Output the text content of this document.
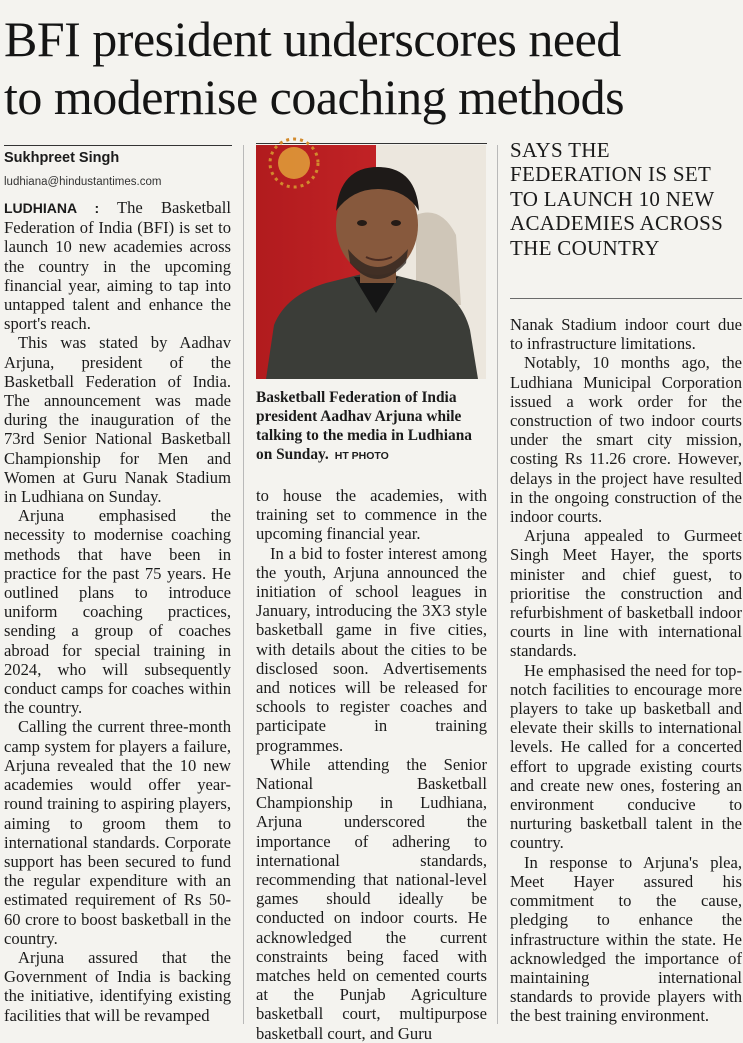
BFI president underscores need
to modernise coaching methods
Sukhpreet Singh
ludhiana@hindustantimes.com

LUDHIANA : The Basketball Federation of India (BFI) is set to launch 10 new academies across the country in the upcoming financial year, aiming to tap into untapped talent and enhance the sport's reach.

This was stated by Aadhav Arjuna, president of the Basketball Federation of India. The announcement was made during the inauguration of the 73rd Senior National Basketball Championship for Men and Women at Guru Nanak Stadium in Ludhiana on Sunday.

Arjuna emphasised the necessity to modernise coaching methods that have been in practice for the past 75 years. He outlined plans to introduce uniform coaching practices, sending a group of coaches abroad for special training in 2024, who will subsequently conduct camps for coaches within the country.

Calling the current three-month camp system for players a failure, Arjuna revealed that the 10 new academies would offer year-round training to aspiring players, aiming to groom them to international standards. Corporate support has been secured to fund the regular expenditure with an estimated requirement of Rs 50-60 crore to boost basketball in the country.

Arjuna assured that the Government of India is backing the initiative, identifying existing facilities that will be revamped

Basketball Federation of India president Aadhav Arjuna while talking to the media in Ludhiana on Sunday. HT PHOTO

to house the academies, with training set to commence in the upcoming financial year.

In a bid to foster interest among the youth, Arjuna announced the initiation of school leagues in January, introducing the 3X3 style basketball game in five cities, with details about the cities to be disclosed soon. Advertisements and notices will be released for schools to register coaches and participate in training programmes.

While attending the Senior National Basketball Championship in Ludhiana, Arjuna underscored the importance of adhering to international standards, recommending that national-level games should ideally be conducted on indoor courts. He acknowledged the current constraints being faced with matches held on cemented courts at the Punjab Agriculture basketball court, multipurpose basketball court, and Guru

SAYS THE FEDERATION IS SET TO LAUNCH 10 NEW ACADEMIES ACROSS THE COUNTRY

Nanak Stadium indoor court due to infrastructure limitations.

Notably, 10 months ago, the Ludhiana Municipal Corporation issued a work order for the construction of two indoor courts under the smart city mission, costing Rs 11.26 crore. However, delays in the project have resulted in the ongoing construction of the indoor courts.

Arjuna appealed to Gurmeet Singh Meet Hayer, the sports minister and chief guest, to prioritise the construction and refurbishment of basketball indoor courts in line with international standards.

He emphasised the need for top-notch facilities to encourage more players to take up basketball and elevate their skills to international levels. He called for a concerted effort to upgrade existing courts and create new ones, fostering an environment conducive to nurturing basketball talent in the country.

In response to Arjuna's plea, Meet Hayer assured his commitment to the cause, pledging to enhance the infrastructure within the state. He acknowledged the importance of maintaining international standards to provide players with the best training environment.
